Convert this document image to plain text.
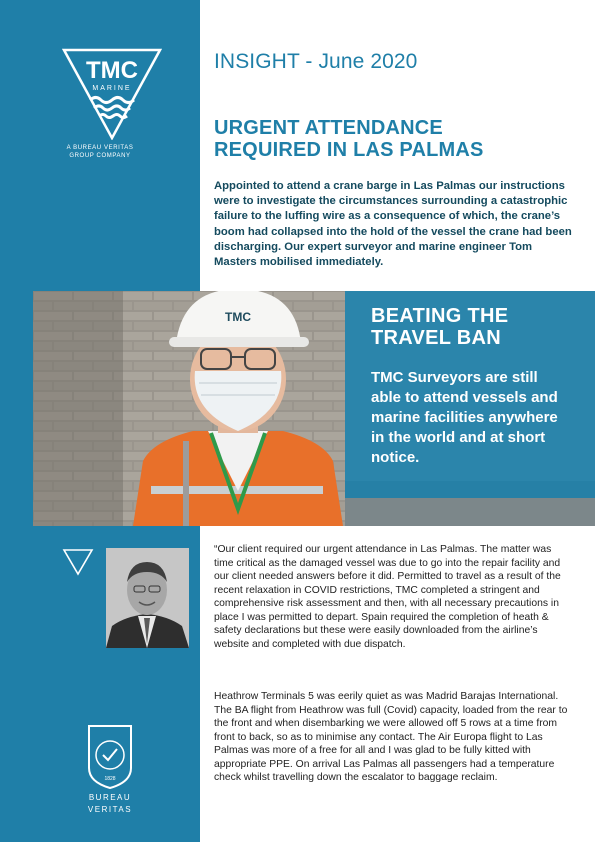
TMC
MARINE
A BUREAU VERITAS
GROUP COMPANY
1828
BUREAU
VERITAS
INSIGHT - June 2020
URGENT ATTENDANCE
REQUIRED IN LAS PALMAS
Appointed to attend a crane barge in Las Palmas our instructions were to investigate the circumstances surrounding a catastrophic failure to the luffing wire as a consequence of which, the crane’s boom had collapsed into the hold of the vessel the crane had been discharging. Our expert surveyor and marine engineer Tom Masters mobilised immediately.
TMC	BEATING THE
TRAVEL BAN
TMC Surveyors are still able to attend vessels and marine facilities anywhere in the world and at short notice.
“Our client required our urgent attendance in Las Palmas. The matter was time critical as the damaged vessel was due to go into the repair facility and our client needed answers before it did. Permitted to travel as a result of the recent relaxation in COVID restrictions, TMC completed a stringent and comprehensive risk assessment and then, with all necessary precautions in place I was permitted to depart. Spain required the completion of heath & safety declarations but these were easily downloaded from the airline’s website and completed with due dispatch.
Heathrow Terminals 5 was eerily quiet as was Madrid Barajas International. The BA flight from Heathrow was full (Covid) capacity, loaded from the rear to the front and when disembarking we were allowed off 5 rows at a time from front to back, so as to minimise any contact. The Air Europa flight to Las Palmas was more of a free for all and I was glad to be fully kitted with appropriate PPE. On arrival Las Palmas all passengers had a temperature check whilst travelling down the escalator to baggage reclaim.
